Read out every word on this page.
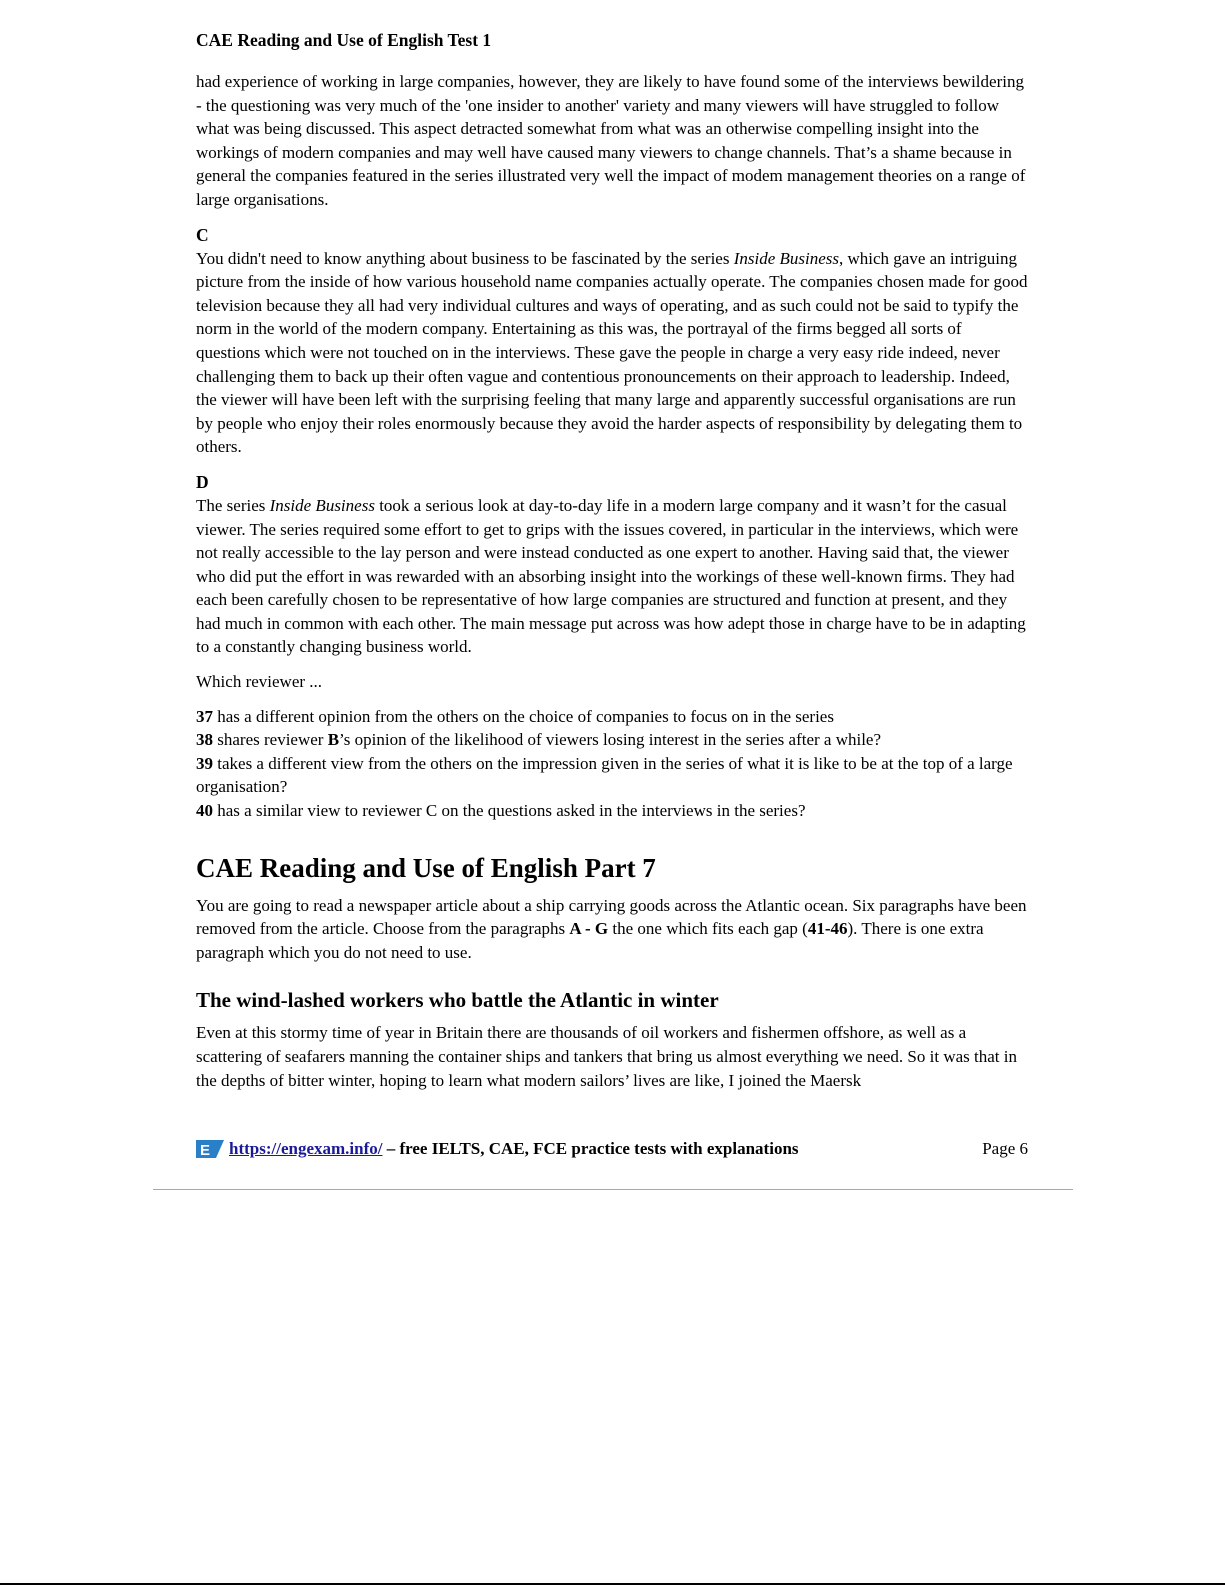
CAE Reading and Use of English Test 1

had experience of working in large companies, however, they are likely to have found some of the interviews bewildering - the questioning was very much of the 'one insider to another' variety and many viewers will have struggled to follow what was being discussed. This aspect detracted somewhat from what was an otherwise compelling insight into the workings of modern companies and may well have caused many viewers to change channels. That’s a shame because in general the companies featured in the series illustrated very well the impact of modem management theories on a range of large organisations.

C

You didn't need to know anything about business to be fascinated by the series Inside Business, which gave an intriguing picture from the inside of how various household name companies actually operate. The companies chosen made for good television because they all had very individual cultures and ways of operating, and as such could not be said to typify the norm in the world of the modern company. Entertaining as this was, the portrayal of the firms begged all sorts of questions which were not touched on in the interviews. These gave the people in charge a very easy ride indeed, never challenging them to back up their often vague and contentious pronouncements on their approach to leadership. Indeed, the viewer will have been left with the surprising feeling that many large and apparently successful organisations are run by people who enjoy their roles enormously because they avoid the harder aspects of responsibility by delegating them to others.

D

The series Inside Business took a serious look at day-to-day life in a modern large company and it wasn’t for the casual viewer. The series required some effort to get to grips with the issues covered, in particular in the interviews, which were not really accessible to the lay person and were instead conducted as one expert to another. Having said that, the viewer who did put the effort in was rewarded with an absorbing insight into the workings of these well-known firms. They had each been carefully chosen to be representative of how large companies are structured and function at present, and they had much in common with each other. The main message put across was how adept those in charge have to be in adapting to a constantly changing business world.

Which reviewer ...

37 has a different opinion from the others on the choice of companies to focus on in the series

38 shares reviewer B’s opinion of the likelihood of viewers losing interest in the series after a while?

39 takes a different view from the others on the impression given in the series of what it is like to be at the top of a large organisation?

40 has a similar view to reviewer C on the questions asked in the interviews in the series?

CAE Reading and Use of English Part 7

You are going to read a newspaper article about a ship carrying goods across the Atlantic ocean. Six paragraphs have been removed from the article. Choose from the paragraphs A - G the one which fits each gap (41-46). There is one extra paragraph which you do not need to use.

The wind-lashed workers who battle the Atlantic in winter

Even at this stormy time of year in Britain there are thousands of oil workers and fishermen offshore, as well as a scattering of seafarers manning the container ships and tankers that bring us almost everything we need. So it was that in the depths of bitter winter, hoping to learn what modern sailors’ lives are like, I joined the Maersk

E https://engexam.info/ – free IELTS, CAE, FCE practice tests with explanations	Page 6
